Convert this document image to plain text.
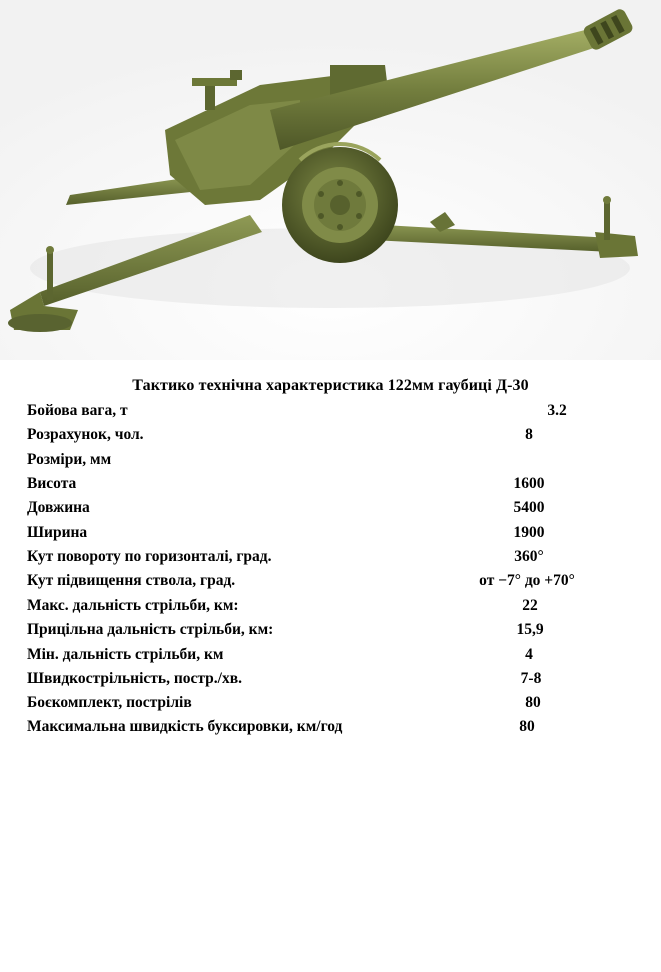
Тактико технічна характеристика 122мм гаубиці Д-30
Бойова вага, т	3.2
Розрахунок, чол.	8
Розміри, мм
Висота	1600
Довжина	5400
Ширина	1900
Кут повороту по горизонталі, град.	360°
Кут підвищення ствола, град.	от −7° до +70°
Макс. дальність стрільби, км:	22
Прицільна дальність стрільби, км:	15,9
Мін. дальність стрільби, км	4
Швидкострільність, постр./хв.	7-8
Боєкомплект, пострілів	80
Максимальна швидкість буксировки, км/год	80
